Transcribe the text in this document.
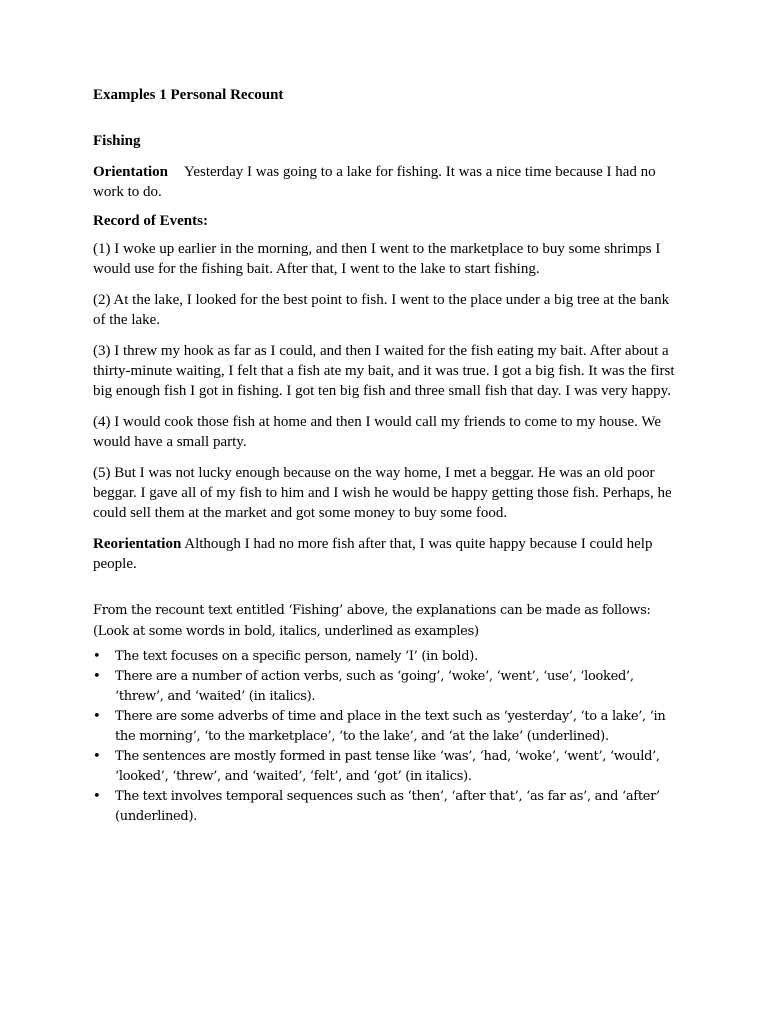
Examples 1 Personal Recount

Fishing

Orientation Yesterday I was going to a lake for fishing. It was a nice time because I had no work to do.

Record of Events:

(1) I woke up earlier in the morning, and then I went to the marketplace to buy some shrimps I would use for the fishing bait. After that, I went to the lake to start fishing.

(2) At the lake, I looked for the best point to fish. I went to the place under a big tree at the bank of the lake.

(3) I threw my hook as far as I could, and then I waited for the fish eating my bait. After about a thirty-minute waiting, I felt that a fish ate my bait, and it was true. I got a big fish. It was the first big enough fish I got in fishing. I got ten big fish and three small fish that day. I was very happy.

(4) I would cook those fish at home and then I would call my friends to come to my house. We would have a small party.

(5) But I was not lucky enough because on the way home, I met a beggar. He was an old poor beggar. I gave all of my fish to him and I wish he would be happy getting those fish. Perhaps, he could sell them at the market and got some money to buy some food.

Reorientation Although I had no more fish after that, I was quite happy because I could help people.

From the recount text entitled ‘Fishing’ above, the explanations can be made as follows: (Look at some words in bold, italics, underlined as examples)

• The text focuses on a specific person, namely ‘I’ (in bold).
• There are a number of action verbs, such as ‘going’, ‘woke’, ‘went’, ‘use’, ‘looked’, ‘threw’, and ‘waited’ (in italics).
• There are some adverbs of time and place in the text such as ‘yesterday’, ‘to a lake’, ‘in the morning’, ‘to the marketplace’, ‘to the lake’, and ‘at the lake’ (underlined).
• The sentences are mostly formed in past tense like ‘was’, ‘had, ‘woke’, ‘went’, ‘would’, ‘looked’, ‘threw’, and ‘waited’, ‘felt’, and ‘got’ (in italics).
• The text involves temporal sequences such as ‘then’, ‘after that’, ‘as far as’, and ‘after’ (underlined).
